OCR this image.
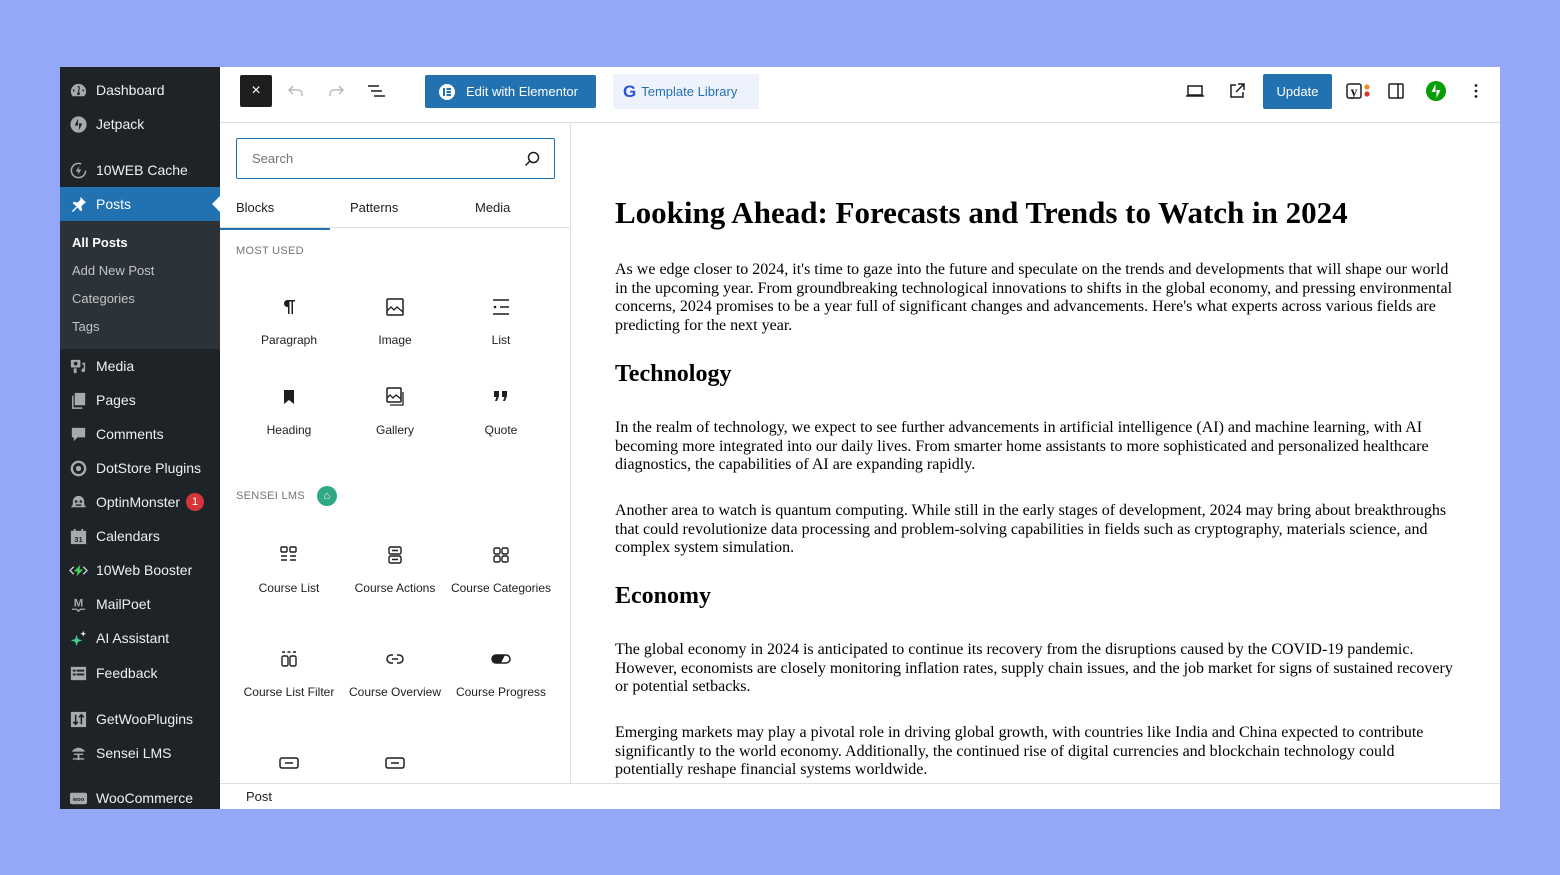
Dashboard
Jetpack
10WEB Cache
Posts
All Posts
Add New Post
Categories
Tags
Media
Pages
Comments
DotStore Plugins
OptinMonster	1
31 Calendars
10Web Booster
M MailPoet
AI Assistant
Feedback
GetWooPlugins
Sensei LMS
woo WooCommerce
×	Edit with Elementor	G Template Library	Update	y
Search
Blocks	Patterns	Media
MOST USED
Paragraph	Image	List
Heading	Gallery	Quote
SENSEI LMS ⌂
Course List	Course Actions	Course Categories
Course List Filter	Course Overview	Course Progress
Looking Ahead: Forecasts and Trends to Watch in 2024

As we edge closer to 2024, it's time to gaze into the future and speculate on the trends and developments that will shape our world in the upcoming year. From groundbreaking technological innovations to shifts in the global economy, and pressing environmental concerns, 2024 promises to be a year full of significant changes and advancements. Here's what experts across various fields are predicting for the next year.

Technology

In the realm of technology, we expect to see further advancements in artificial intelligence (AI) and machine learning, with AI becoming more integrated into our daily lives. From smarter home assistants to more sophisticated and personalized healthcare diagnostics, the capabilities of AI are expanding rapidly.

Another area to watch is quantum computing. While still in the early stages of development, 2024 may bring about breakthroughs that could revolutionize data processing and problem-solving capabilities in fields such as cryptography, materials science, and complex system simulation.

Economy

The global economy in 2024 is anticipated to continue its recovery from the disruptions caused by the COVID-19 pandemic. However, economists are closely monitoring inflation rates, supply chain issues, and the job market for signs of sustained recovery or potential setbacks.

Emerging markets may play a pivotal role in driving global growth, with countries like India and China expected to contribute significantly to the world economy. Additionally, the continued rise of digital currencies and blockchain technology could potentially reshape financial systems worldwide.

Post
